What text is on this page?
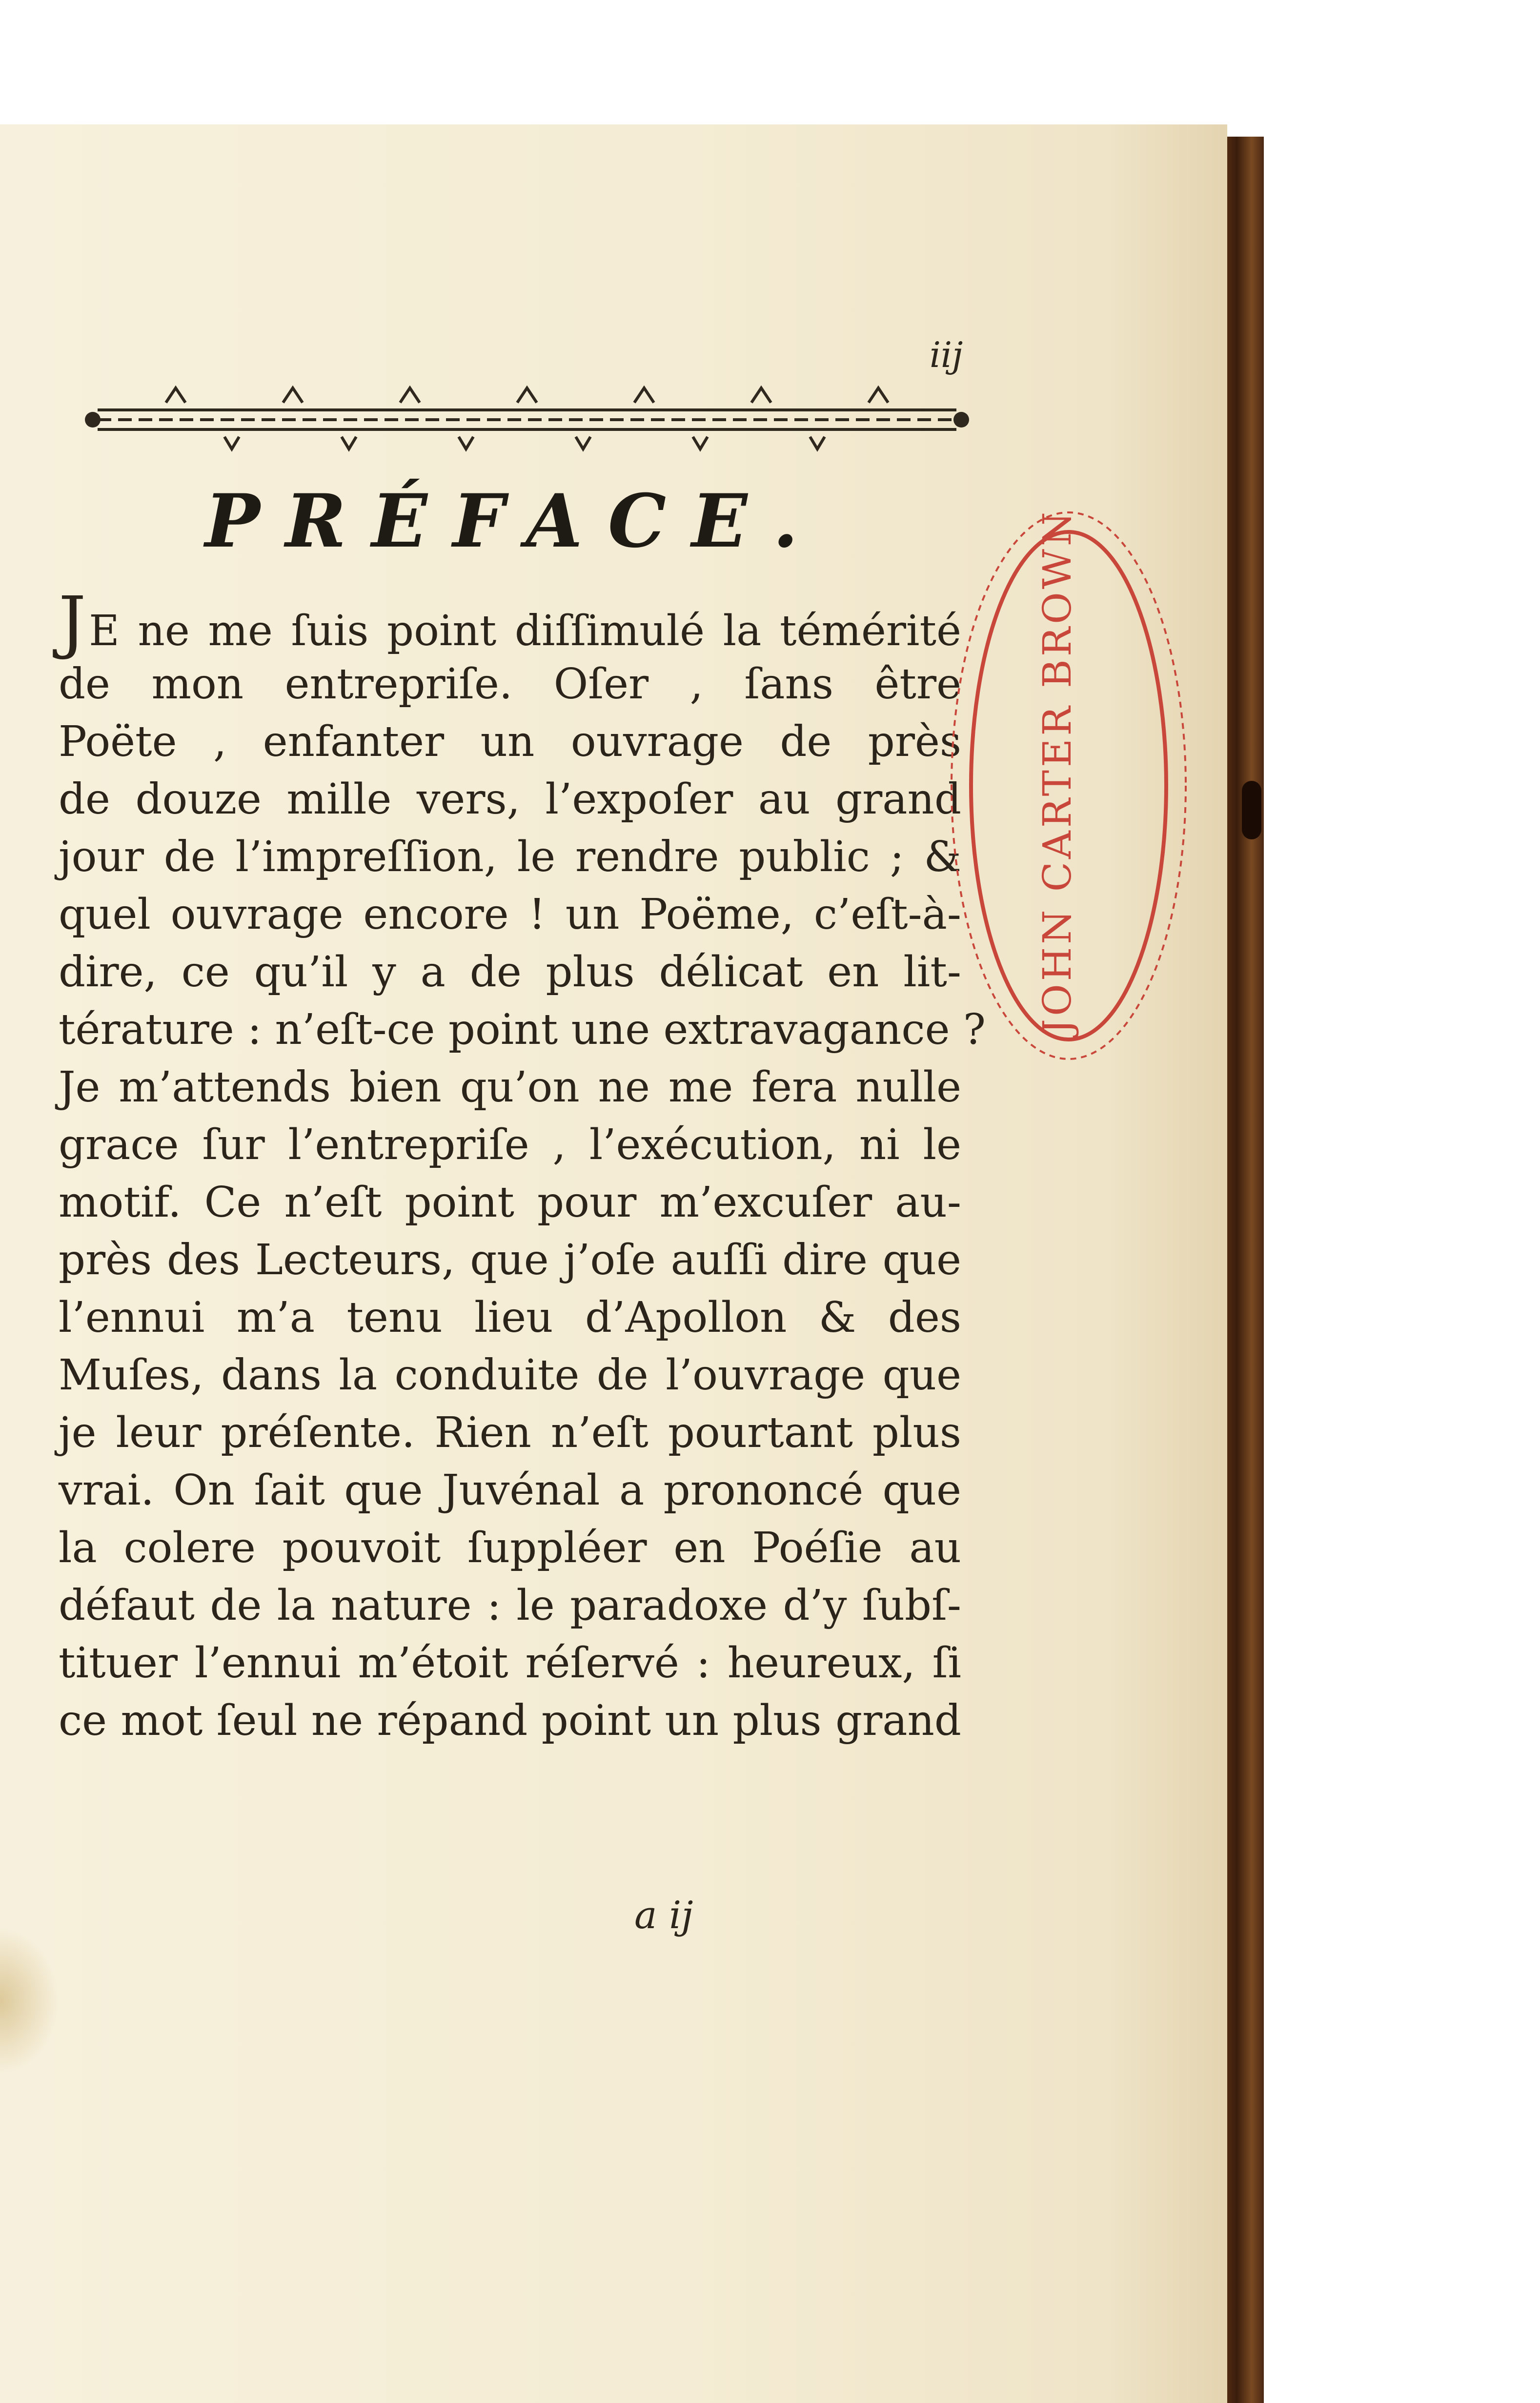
iij
PRÉFACE.
JE ne me ſuis point diſſimulé la témérité
de mon entrepriſe. Oſer , ſans être
Poëte , enfanter un ouvrage de près
de douze mille vers, l’expoſer au grand
jour de l’impreſſion, le rendre public ; &
quel ouvrage encore ! un Poëme, c’eſt-à-
dire, ce qu’il y a de plus délicat en lit-
térature : n’eſt-ce point une extravagance ?
Je m’attends bien qu’on ne me fera nulle
grace ſur l’entrepriſe , l’exécution, ni le
motif. Ce n’eſt point pour m’excuſer au-
près des Lecteurs, que j’oſe auſſi dire que
l’ennui m’a tenu lieu d’Apollon & des
Muſes, dans la conduite de l’ouvrage que
je leur préſente. Rien n’eſt pourtant plus
vrai. On ſait que Juvénal a prononcé que
la colere pouvoit ſuppléer en Poéſie au
défaut de la nature : le paradoxe d’y ſubſ-
tituer l’ennui m’étoit réſervé : heureux, ſi
ce mot ſeul ne répand point un plus grand
a ij
JOHN CARTER BROWN
